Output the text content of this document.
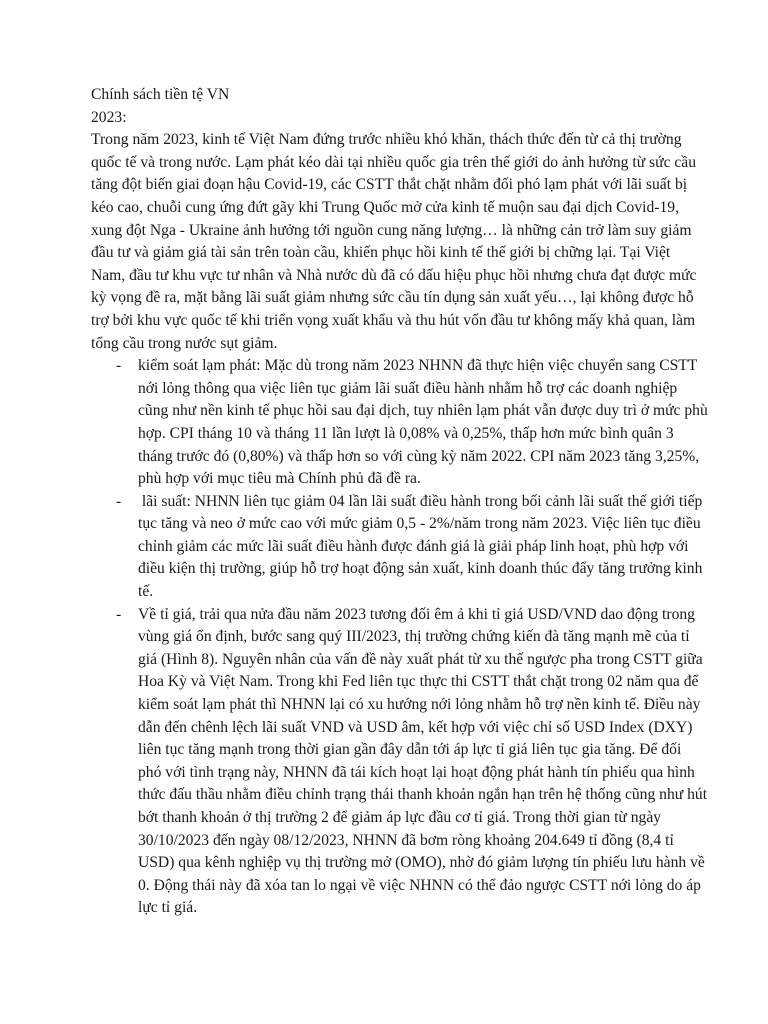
Chính sách tiền tệ VN

2023:

Trong năm 2023, kinh tế Việt Nam đứng trước nhiều khó khăn, thách thức đến từ cả thị trường quốc tế và trong nước. Lạm phát kéo dài tại nhiều quốc gia trên thế giới do ảnh hưởng từ sức cầu tăng đột biến giai đoạn hậu Covid-19, các CSTT thắt chặt nhằm đối phó lạm phát với lãi suất bị kéo cao, chuỗi cung ứng đứt gãy khi Trung Quốc mở cửa kinh tế muộn sau đại dịch Covid-19, xung đột Nga - Ukraine ảnh hưởng tới nguồn cung năng lượng… là những cản trở làm suy giảm đầu tư và giảm giá tài sản trên toàn cầu, khiến phục hồi kinh tế thế giới bị chững lại. Tại Việt Nam, đầu tư khu vực tư nhân và Nhà nước dù đã có dấu hiệu phục hồi nhưng chưa đạt được mức kỳ vọng đề ra, mặt bằng lãi suất giảm nhưng sức cầu tín dụng sản xuất yếu…, lại không được hỗ trợ bởi khu vực quốc tế khi triển vọng xuất khẩu và thu hút vốn đầu tư không mấy khả quan, làm tổng cầu trong nước sụt giảm.

- kiểm soát lạm phát: Mặc dù trong năm 2023 NHNN đã thực hiện việc chuyển sang CSTT nới lỏng thông qua việc liên tục giảm lãi suất điều hành nhằm hỗ trợ các doanh nghiệp cũng như nền kinh tế phục hồi sau đại dịch, tuy nhiên lạm phát vẫn được duy trì ở mức phù hợp. CPI tháng 10 và tháng 11 lần lượt là 0,08% và 0,25%, thấp hơn mức bình quân 3 tháng trước đó (0,80%) và thấp hơn so với cùng kỳ năm 2022. CPI năm 2023 tăng 3,25%, phù hợp với mục tiêu mà Chính phủ đã đề ra.
- lãi suất: NHNN liên tục giảm 04 lần lãi suất điều hành trong bối cảnh lãi suất thế giới tiếp tục tăng và neo ở mức cao với mức giảm 0,5 - 2%/năm trong năm 2023. Việc liên tục điều chỉnh giảm các mức lãi suất điều hành được đánh giá là giải pháp linh hoạt, phù hợp với điều kiện thị trường, giúp hỗ trợ hoạt động sản xuất, kinh doanh thúc đẩy tăng trưởng kinh tế.
- Về tỉ giá, trải qua nửa đầu năm 2023 tương đối êm ả khi tỉ giá USD/VND dao động trong vùng giá ổn định, bước sang quý III/2023, thị trường chứng kiến đà tăng mạnh mẽ của tỉ giá (Hình 8). Nguyên nhân của vấn đề này xuất phát từ xu thế ngược pha trong CSTT giữa Hoa Kỳ và Việt Nam. Trong khi Fed liên tục thực thi CSTT thắt chặt trong 02 năm qua để kiểm soát lạm phát thì NHNN lại có xu hướng nới lỏng nhằm hỗ trợ nền kinh tế. Điều này dẫn đến chênh lệch lãi suất VND và USD âm, kết hợp với việc chỉ số USD Index (DXY) liên tục tăng mạnh trong thời gian gần đây dẫn tới áp lực tỉ giá liên tục gia tăng. Để đối phó với tình trạng này, NHNN đã tái kích hoạt lại hoạt động phát hành tín phiếu qua hình thức đấu thầu nhằm điều chỉnh trạng thái thanh khoản ngắn hạn trên hệ thống cũng như hút bớt thanh khoản ở thị trường 2 để giảm áp lực đầu cơ tỉ giá. Trong thời gian từ ngày 30/10/2023 đến ngày 08/12/2023, NHNN đã bơm ròng khoảng 204.649 tỉ đồng (8,4 tỉ USD) qua kênh nghiệp vụ thị trường mở (OMO), nhờ đó giảm lượng tín phiếu lưu hành về 0. Động thái này đã xóa tan lo ngại về việc NHNN có thể đảo ngược CSTT nới lỏng do áp lực tỉ giá.
